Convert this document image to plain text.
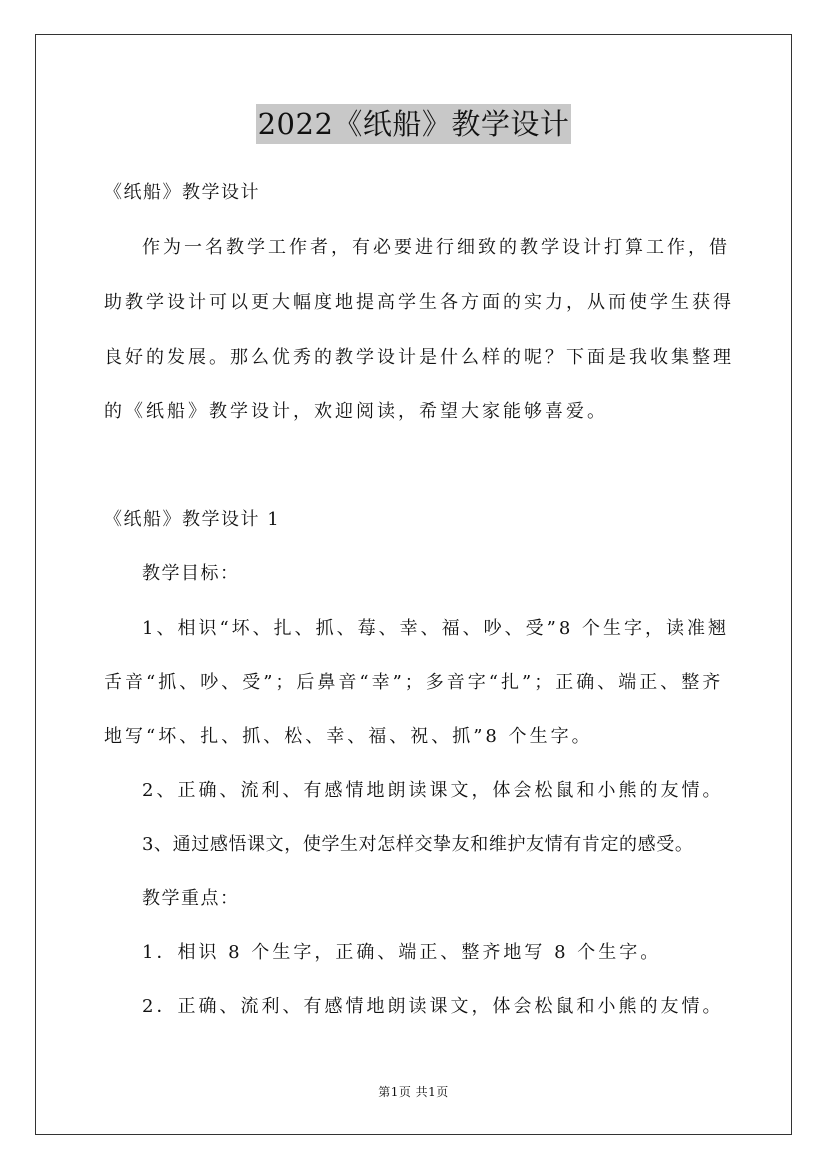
2022《纸船》教学设计
《纸船》教学设计
作为一名教学工作者，有必要进行细致的教学设计打算工作，借
助教学设计可以更大幅度地提高学生各方面的实力，从而使学生获得
良好的发展。那么优秀的教学设计是什么样的呢？下面是我收集整理
的《纸船》教学设计，欢迎阅读，希望大家能够喜爱。
《纸船》教学设计 1
教学目标：
1、相识“坏、扎、抓、莓、幸、福、吵、受”8 个生字，读准翘
舌音“抓、吵、受”；后鼻音“幸”；多音字“扎”；正确、端正、整齐
地写“坏、扎、抓、松、幸、福、祝、抓”8 个生字。
2、正确、流利、有感情地朗读课文，体会松鼠和小熊的友情。
3、通过感悟课文，使学生对怎样交挚友和维护友情有肯定的感受。
教学重点：
1．相识 8 个生字，正确、端正、整齐地写 8 个生字。
2．正确、流利、有感情地朗读课文，体会松鼠和小熊的友情。
第1页 共1页
